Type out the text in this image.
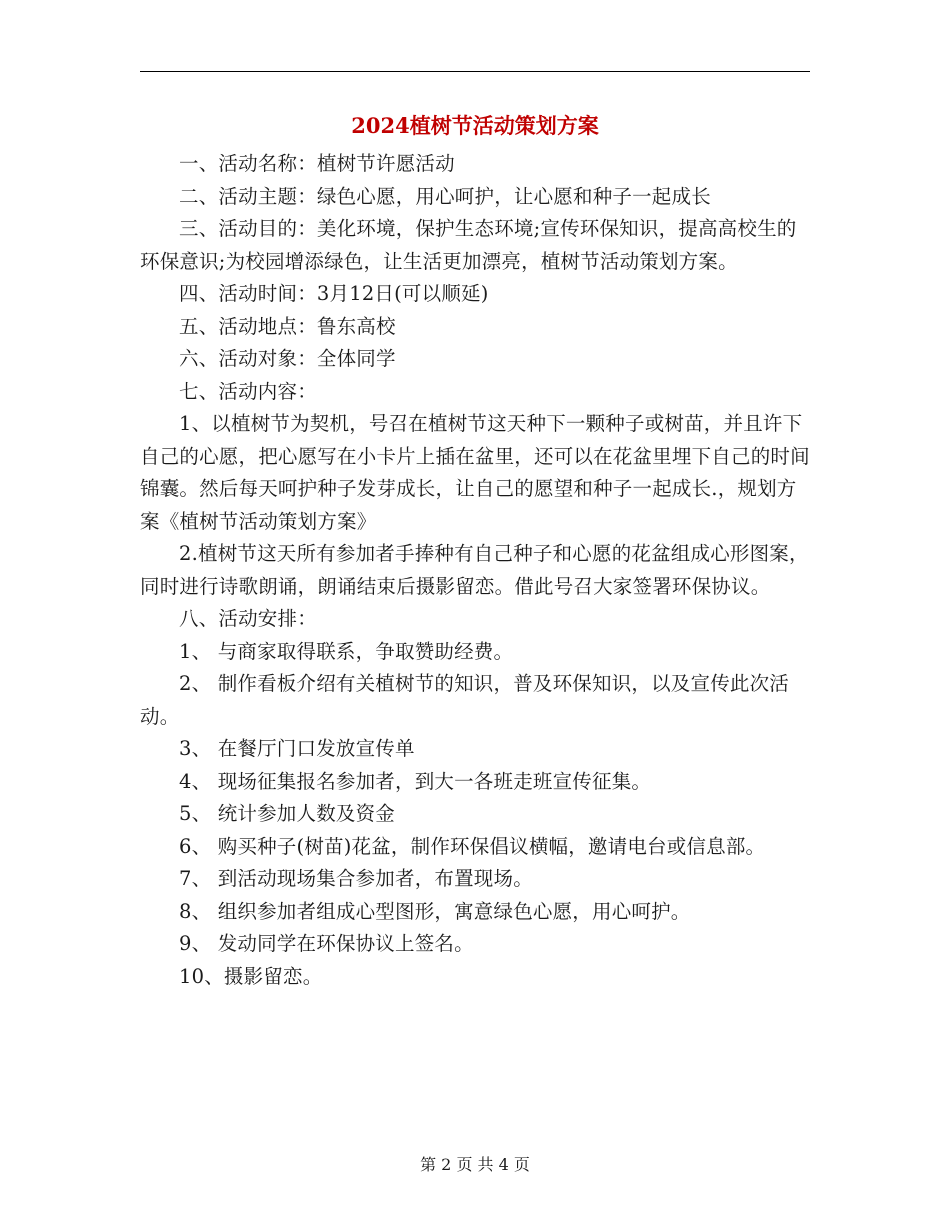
2024植树节活动策划方案

一、活动名称：植树节许愿活动

二、活动主题：绿色心愿，用心呵护，让心愿和种子一起成长

三、活动目的：美化环境，保护生态环境;宣传环保知识，提高高校生的环保意识;为校园增添绿色，让生活更加漂亮，植树节活动策划方案。

四、活动时间：3月12日(可以顺延)

五、活动地点：鲁东高校

六、活动对象：全体同学

七、活动内容：

1、以植树节为契机，号召在植树节这天种下一颗种子或树苗，并且许下自己的心愿，把心愿写在小卡片上插在盆里，还可以在花盆里埋下自己的时间锦囊。然后每天呵护种子发芽成长，让自己的愿望和种子一起成长.，规划方案《植树节活动策划方案》

2.植树节这天所有参加者手捧种有自己种子和心愿的花盆组成心形图案，同时进行诗歌朗诵，朗诵结束后摄影留恋。借此号召大家签署环保协议。

八、活动安排：

1、 与商家取得联系，争取赞助经费。

2、 制作看板介绍有关植树节的知识，普及环保知识，以及宣传此次活动。

3、 在餐厅门口发放宣传单

4、 现场征集报名参加者，到大一各班走班宣传征集。

5、 统计参加人数及资金

6、 购买种子(树苗)花盆，制作环保倡议横幅，邀请电台或信息部。

7、 到活动现场集合参加者，布置现场。

8、 组织参加者组成心型图形，寓意绿色心愿，用心呵护。

9、 发动同学在环保协议上签名。

10、摄影留恋。

第 2 页 共 4 页
